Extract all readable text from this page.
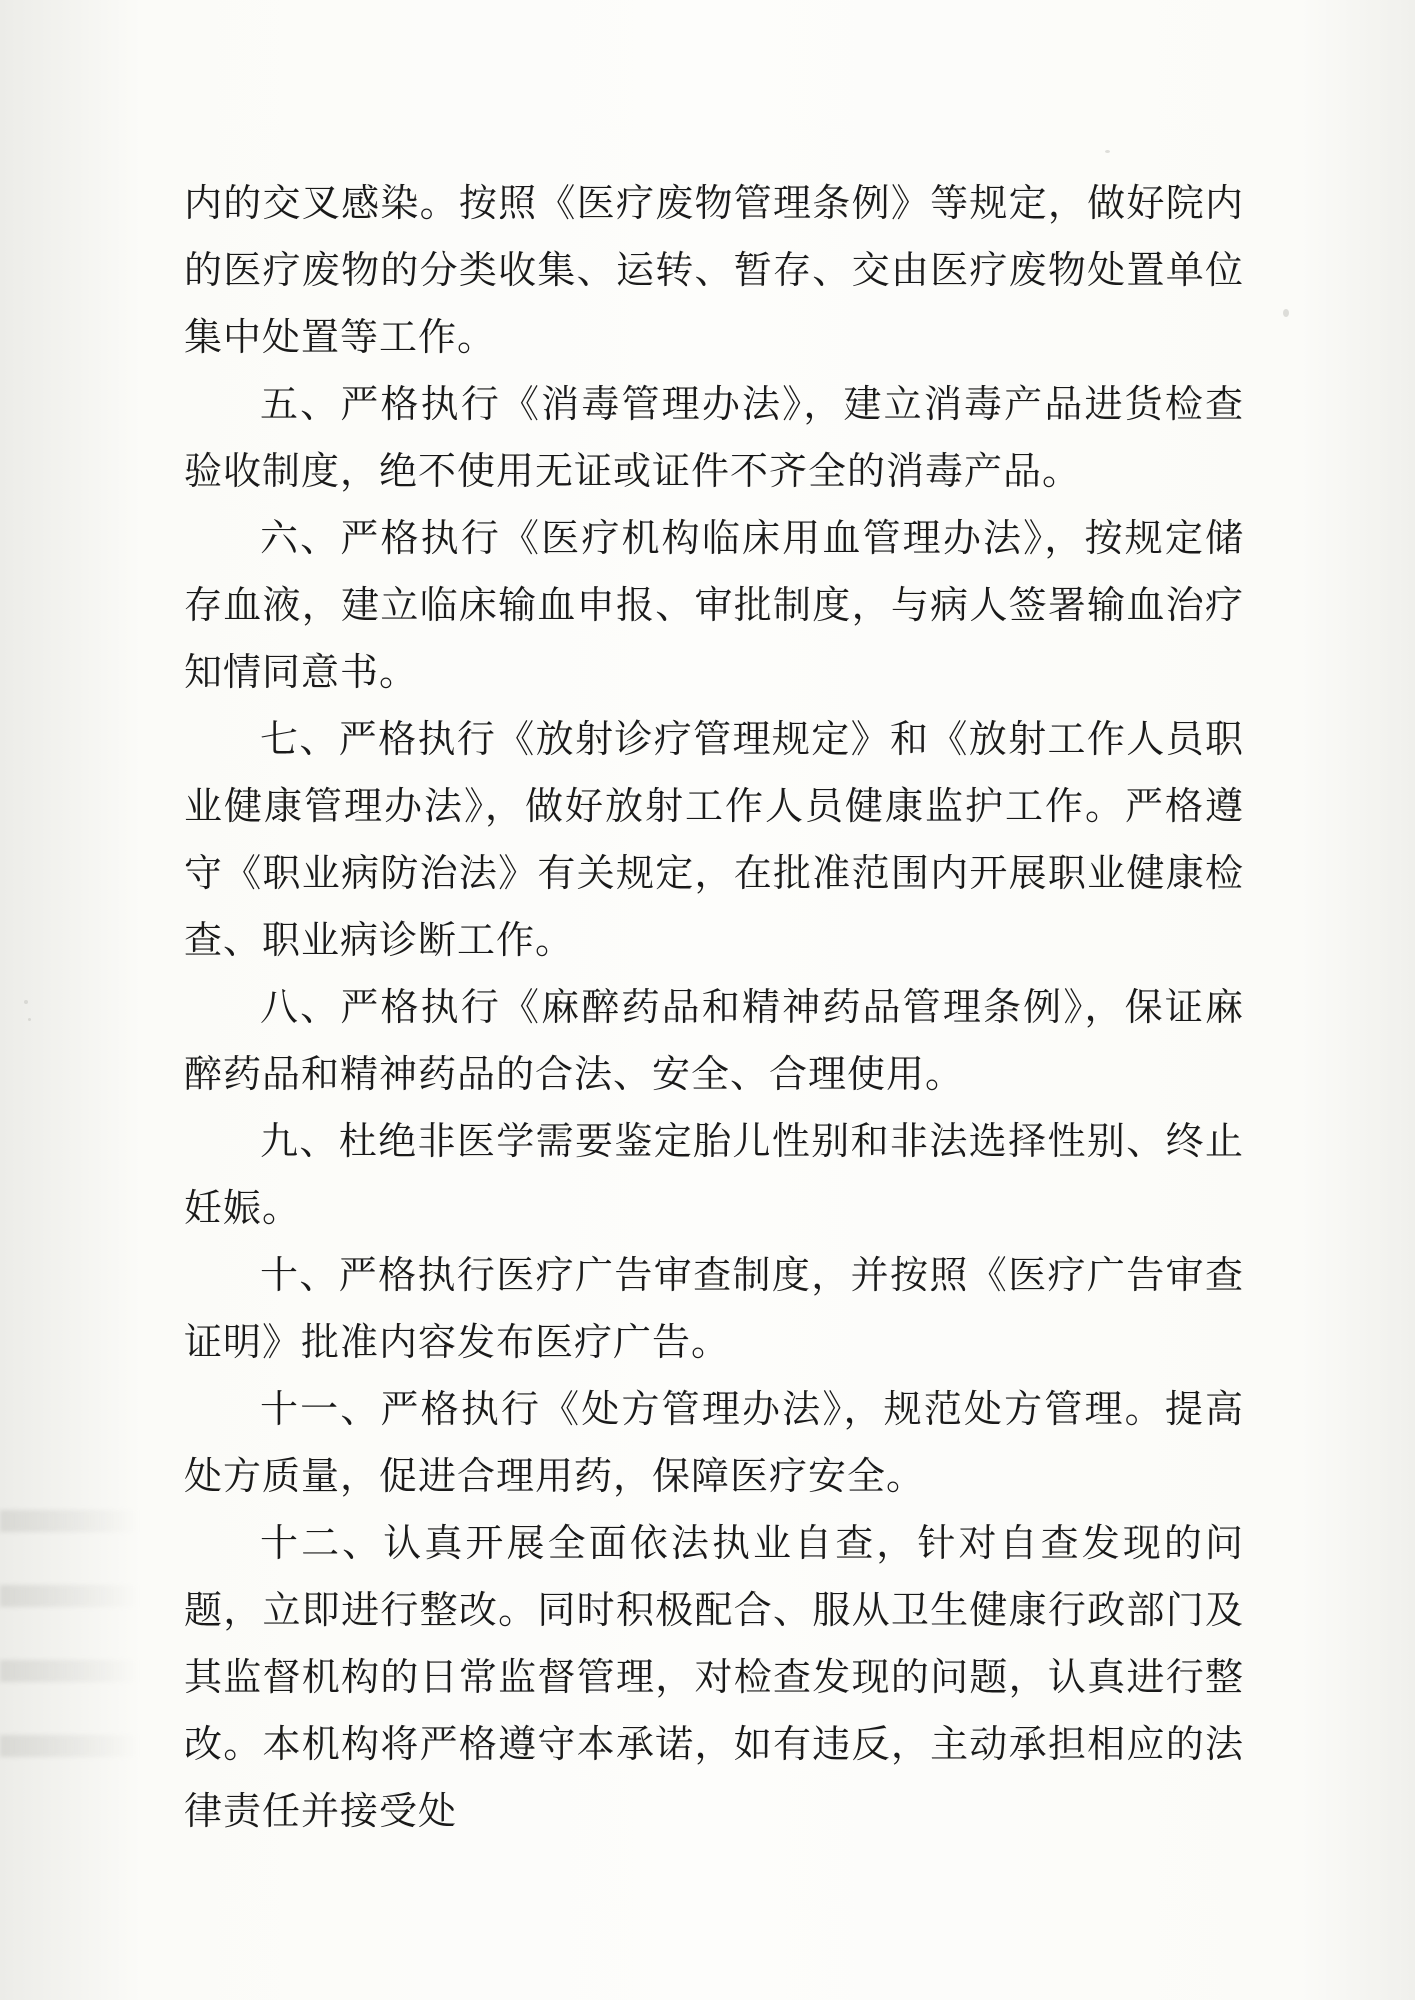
内的交叉感染。按照《医疗废物管理条例》等规定，做好院内的医疗废物的分类收集、运转、暂存、交由医疗废物处置单位集中处置等工作。

五、严格执行《消毒管理办法》，建立消毒产品进货检查验收制度，绝不使用无证或证件不齐全的消毒产品。

六、严格执行《医疗机构临床用血管理办法》，按规定储存血液，建立临床输血申报、审批制度，与病人签署输血治疗知情同意书。

七、严格执行《放射诊疗管理规定》和《放射工作人员职业健康管理办法》，做好放射工作人员健康监护工作。严格遵守《职业病防治法》有关规定，在批准范围内开展职业健康检查、职业病诊断工作。

八、严格执行《麻醉药品和精神药品管理条例》，保证麻醉药品和精神药品的合法、安全、合理使用。

九、杜绝非医学需要鉴定胎儿性别和非法选择性别、终止妊娠。

十、严格执行医疗广告审查制度，并按照《医疗广告审查证明》批准内容发布医疗广告。

十一、严格执行《处方管理办法》，规范处方管理。提高处方质量，促进合理用药，保障医疗安全。

十二、认真开展全面依法执业自查，针对自查发现的问题，立即进行整改。同时积极配合、服从卫生健康行政部门及其监督机构的日常监督管理，对检查发现的问题，认真进行整改。本机构将严格遵守本承诺，如有违反，主动承担相应的法律责任并接受处
